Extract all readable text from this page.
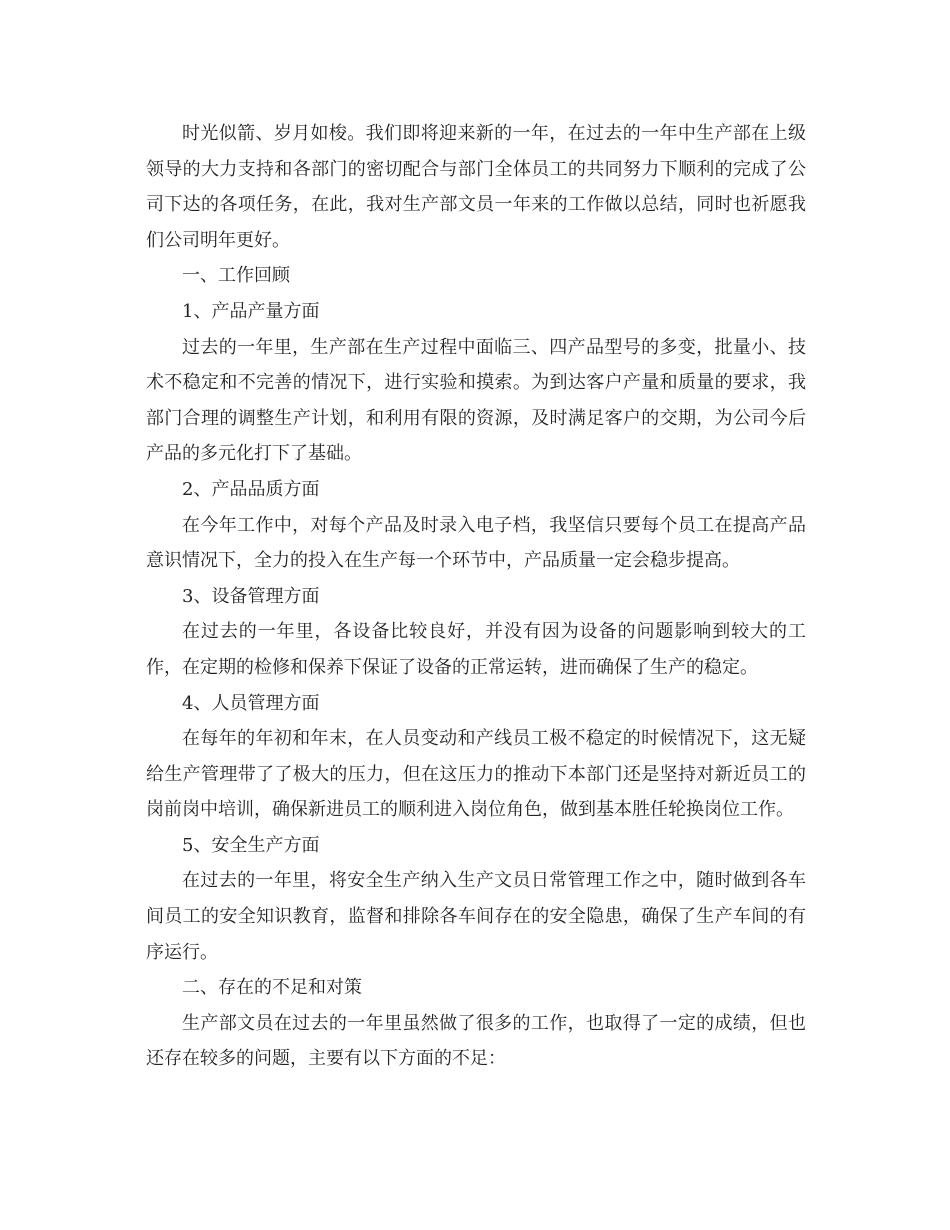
时光似箭、岁月如梭。我们即将迎来新的一年，在过去的一年中生产部在上级领导的大力支持和各部门的密切配合与部门全体员工的共同努力下顺利的完成了公司下达的各项任务，在此，我对生产部文员一年来的工作做以总结，同时也祈愿我们公司明年更好。

一、工作回顾

1、产品产量方面

过去的一年里，生产部在生产过程中面临三、四产品型号的多变，批量小、技术不稳定和不完善的情况下，进行实验和摸索。为到达客户产量和质量的要求，我部门合理的调整生产计划，和利用有限的资源，及时满足客户的交期，为公司今后产品的多元化打下了基础。

2、产品品质方面

在今年工作中，对每个产品及时录入电子档，我坚信只要每个员工在提高产品意识情况下，全力的投入在生产每一个环节中，产品质量一定会稳步提高。

3、设备管理方面

在过去的一年里，各设备比较良好，并没有因为设备的问题影响到较大的工作，在定期的检修和保养下保证了设备的正常运转，进而确保了生产的稳定。

4、人员管理方面

在每年的年初和年末，在人员变动和产线员工极不稳定的时候情况下，这无疑给生产管理带了了极大的压力，但在这压力的推动下本部门还是坚持对新近员工的岗前岗中培训，确保新进员工的顺利进入岗位角色，做到基本胜任轮换岗位工作。

5、安全生产方面

在过去的一年里，将安全生产纳入生产文员日常管理工作之中，随时做到各车间员工的安全知识教育，监督和排除各车间存在的安全隐患，确保了生产车间的有序运行。

二、存在的不足和对策

生产部文员在过去的一年里虽然做了很多的工作，也取得了一定的成绩，但也还存在较多的问题，主要有以下方面的不足：
